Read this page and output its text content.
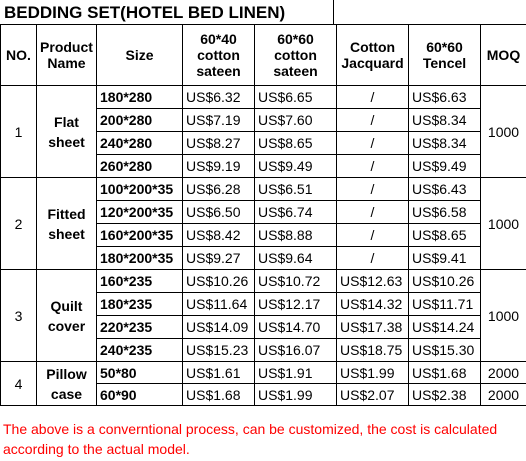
BEDDING SET(HOTEL BED LINEN)
NO.	Product Name	Size	60*40 cotton sateen	60*60 cotton sateen	Cotton Jacquard	60*60 Tencel	MOQ
1	Flat sheet	180*280	US$6.32	US$6.65	/	US$6.63	1000
		200*280	US$7.19	US$7.60	/	US$8.34	
		240*280	US$8.27	US$8.65	/	US$8.34	
		260*280	US$9.19	US$9.49	/	US$9.49	
2	Fitted sheet	100*200*35	US$6.28	US$6.51	/	US$6.43	1000
		120*200*35	US$6.50	US$6.74	/	US$6.58	
		160*200*35	US$8.42	US$8.88	/	US$8.65	
		180*200*35	US$9.27	US$9.64	/	US$9.41	
3	Quilt cover	160*235	US$10.26	US$10.72	US$12.63	US$10.26	1000
		180*235	US$11.64	US$12.17	US$14.32	US$11.71	
		220*235	US$14.09	US$14.70	US$17.38	US$14.24	
		240*235	US$15.23	US$16.07	US$18.75	US$15.30	
4	Pillow case	50*80	US$1.61	US$1.91	US$1.99	US$1.68	2000
		60*90	US$1.68	US$1.99	US$2.07	US$2.38	2000
The above is a converntional process, can be customized, the cost is calculated according to the actual model.
